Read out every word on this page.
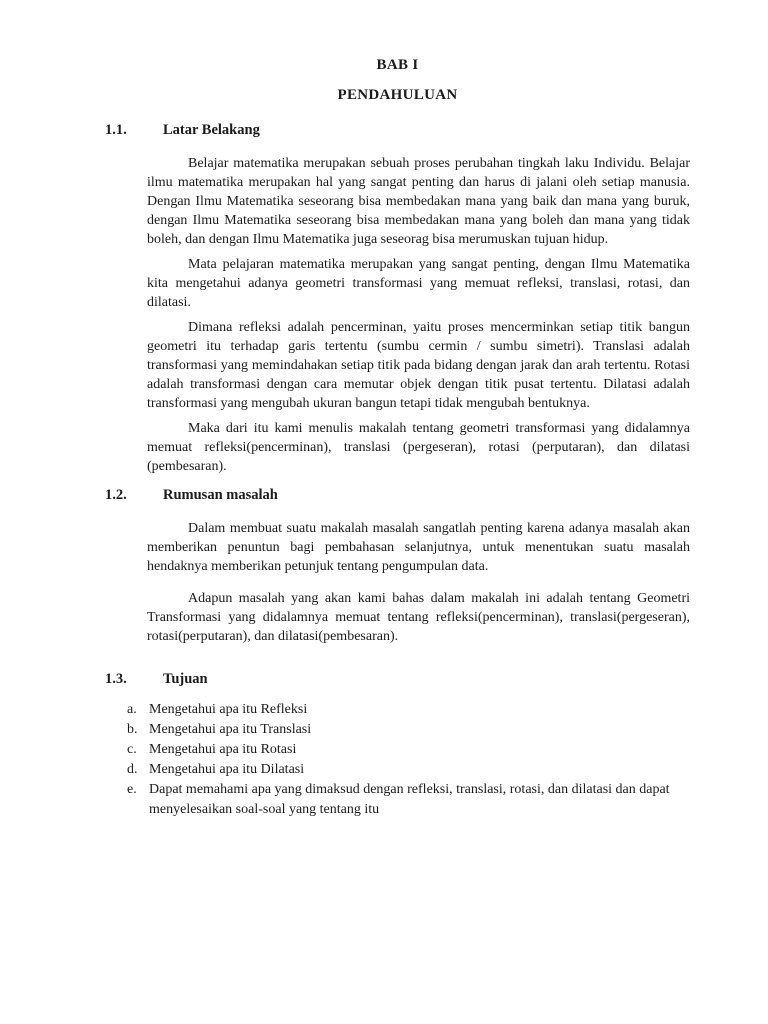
BAB I
PENDAHULUAN
1.1.	Latar Belakang

Belajar matematika merupakan sebuah proses perubahan tingkah laku Individu. Belajar ilmu matematika merupakan hal yang sangat penting dan harus di jalani oleh setiap manusia. Dengan Ilmu Matematika seseorang bisa membedakan mana yang baik dan mana yang buruk, dengan Ilmu Matematika seseorang bisa membedakan mana yang boleh dan mana yang tidak boleh, dan dengan Ilmu Matematika juga seseorag bisa merumuskan tujuan hidup.

Mata pelajaran matematika merupakan yang sangat penting, dengan Ilmu Matematika kita mengetahui adanya geometri transformasi yang memuat refleksi, translasi, rotasi, dan dilatasi.

Dimana refleksi adalah pencerminan, yaitu proses mencerminkan setiap titik bangun geometri itu terhadap garis tertentu (sumbu cermin / sumbu simetri). Translasi adalah transformasi yang memindahakan setiap titik pada bidang dengan jarak dan arah tertentu. Rotasi adalah transformasi dengan cara memutar objek dengan titik pusat tertentu. Dilatasi adalah transformasi yang mengubah ukuran bangun tetapi tidak mengubah bentuknya.

Maka dari itu kami menulis makalah tentang geometri transformasi yang didalamnya memuat refleksi(pencerminan), translasi (pergeseran), rotasi (perputaran), dan dilatasi (pembesaran).

1.2.	Rumusan masalah

Dalam membuat suatu makalah masalah sangatlah penting karena adanya masalah akan memberikan penuntun bagi pembahasan selanjutnya, untuk menentukan suatu masalah hendaknya memberikan petunjuk tentang pengumpulan data.

Adapun masalah yang akan kami bahas dalam makalah ini adalah tentang Geometri Transformasi yang didalamnya memuat tentang refleksi(pencerminan), translasi(pergeseran), rotasi(perputaran), dan dilatasi(pembesaran).

1.3.	Tujuan
a. Mengetahui apa itu Refleksi
b. Mengetahui apa itu Translasi
c. Mengetahui apa itu Rotasi
d. Mengetahui apa itu Dilatasi
e. Dapat memahami apa yang dimaksud dengan refleksi, translasi, rotasi, dan dilatasi dan dapat menyelesaikan soal-soal yang tentang itu
